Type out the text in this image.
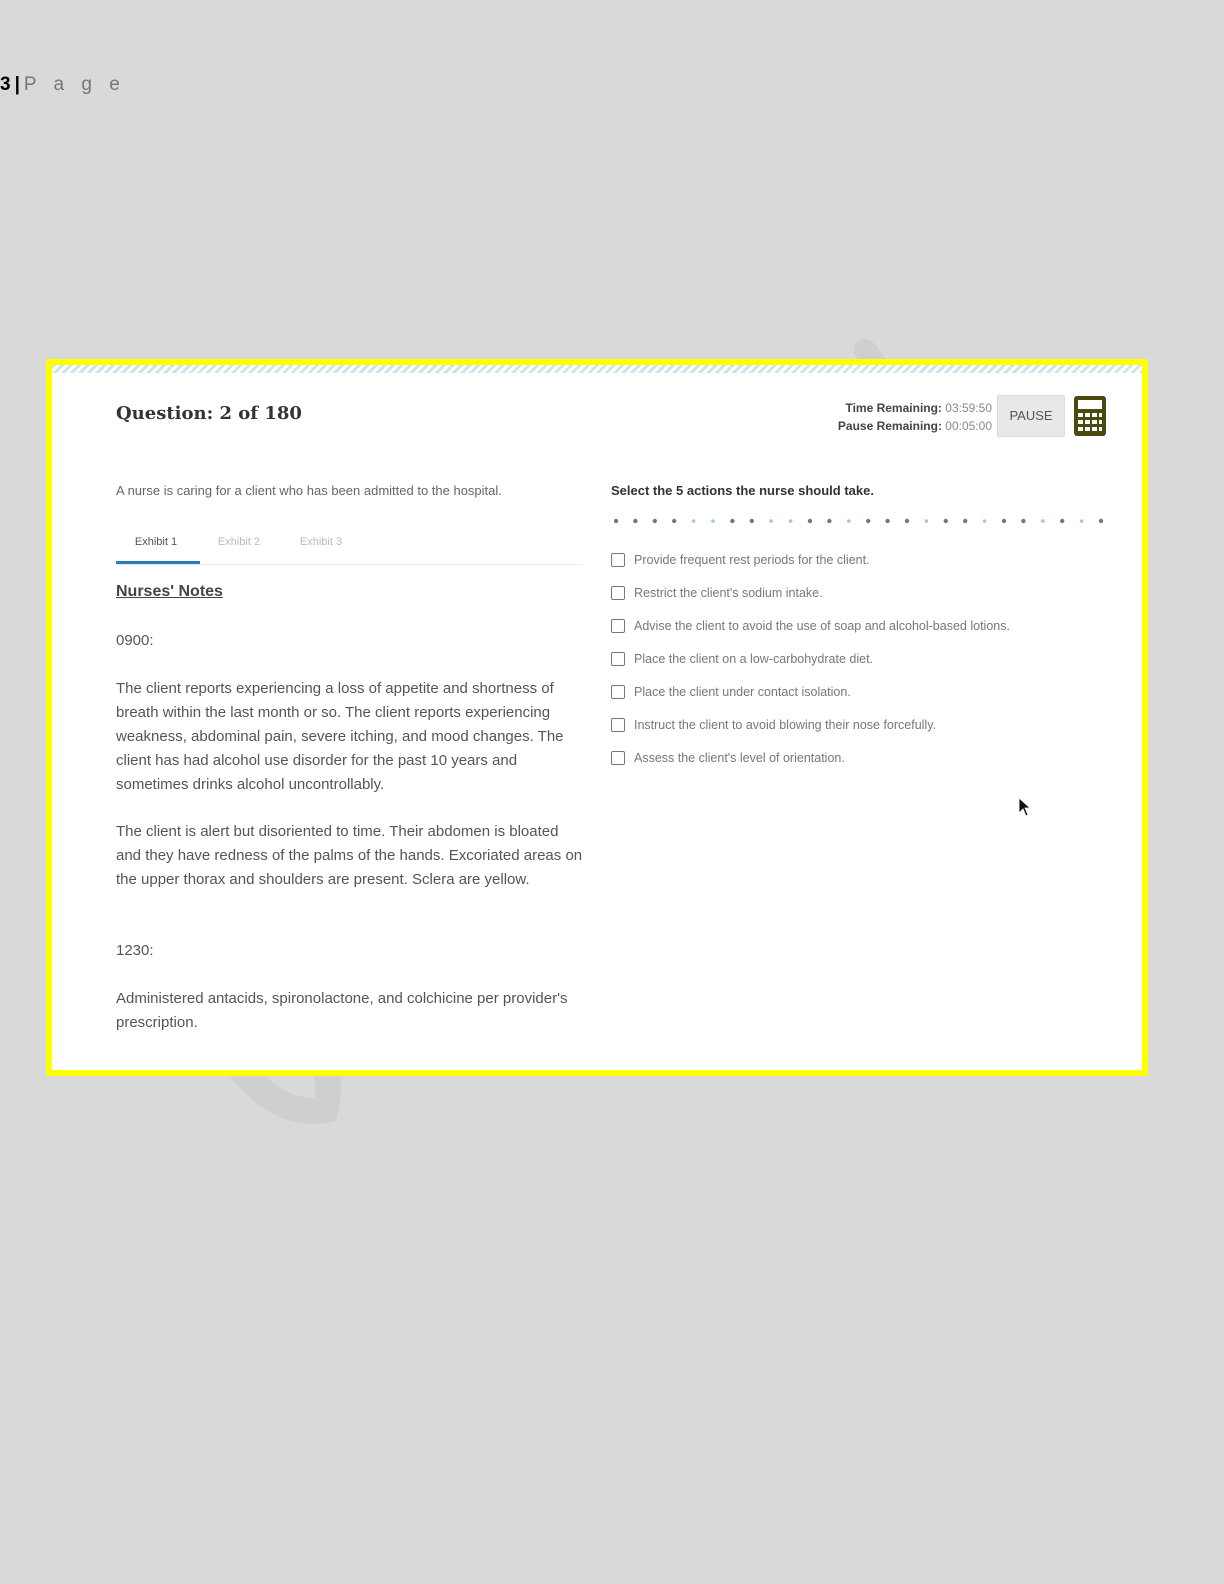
3 | P a g e
Question: 2 of 180	Time Remaining: 03:59:50
Pause Remaining: 00:05:00
PAUSE
A nurse is caring for a client who has been admitted to the hospital.
Exhibit 1	Exhibit 2	Exhibit 3
Nurses' Notes
0900:
The client reports experiencing a loss of appetite and shortness of breath within the last month or so. The client reports experiencing weakness, abdominal pain, severe itching, and mood changes. The client has had alcohol use disorder for the past 10 years and sometimes drinks alcohol uncontrollably.
The client is alert but disoriented to time. Their abdomen is bloated and they have redness of the palms of the hands. Excoriated areas on the upper thorax and shoulders are present. Sclera are yellow.
1230:
Administered antacids, spironolactone, and colchicine per provider's prescription.
Select the 5 actions the nurse should take.
Provide frequent rest periods for the client.
Restrict the client's sodium intake.
Advise the client to avoid the use of soap and alcohol-based lotions.
Place the client on a low-carbohydrate diet.
Place the client under contact isolation.
Instruct the client to avoid blowing their nose forcefully.
Assess the client's level of orientation.
